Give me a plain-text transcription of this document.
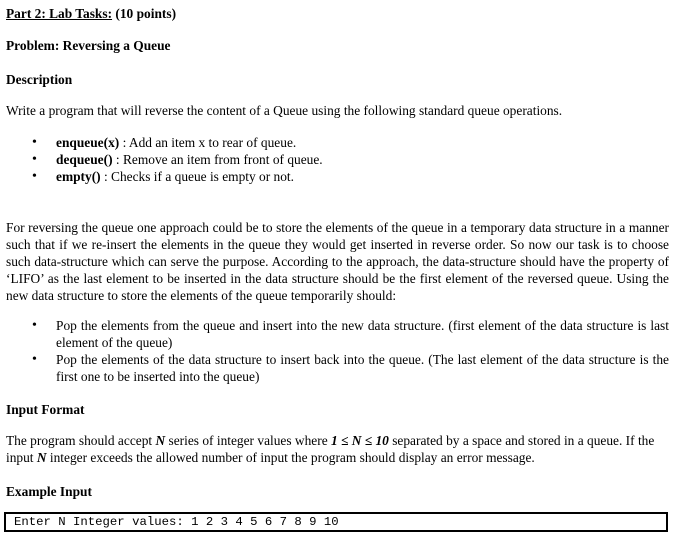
Part 2: Lab Tasks: (10 points)
Problem: Reversing a Queue
Description
Write a program that will reverse the content of a Queue using the following standard queue operations.
• enqueue(x) : Add an item x to rear of queue.
• dequeue() : Remove an item from front of queue.
• empty() : Checks if a queue is empty or not.
For reversing the queue one approach could be to store the elements of the queue in a temporary data structure in a manner such that if we re-insert the elements in the queue they would get inserted in reverse order. So now our task is to choose such data-structure which can serve the purpose. According to the approach, the data-structure should have the property of ‘LIFO’ as the last element to be inserted in the data structure should be the first element of the reversed queue. Using the new data structure to store the elements of the queue temporarily should:
• Pop the elements from the queue and insert into the new data structure. (first element of the data structure is last element of the queue)
• Pop the elements of the data structure to insert back into the queue. (The last element of the data structure is the first one to be inserted into the queue)
Input Format
The program should accept N series of integer values where 1 ≤ N ≤ 10 separated by a space and stored in a queue. If the input N integer exceeds the allowed number of input the program should display an error message.
Example Input
Enter N Integer values: 1 2 3 4 5 6 7 8 9 10
